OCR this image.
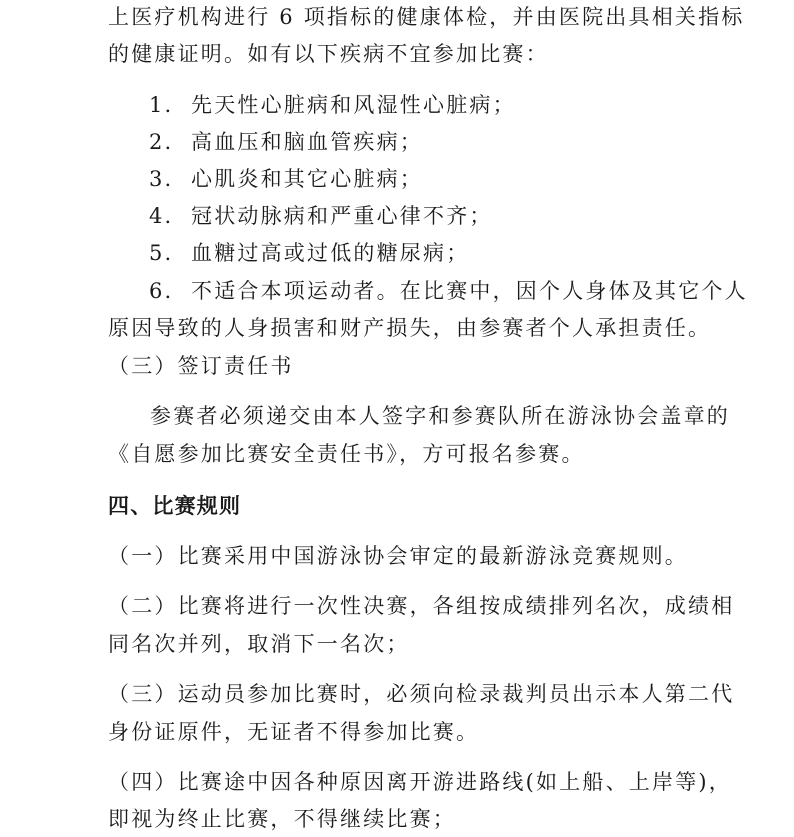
上医疗机构进行 6 项指标的健康体检，并由医院出具相关指标
的健康证明。如有以下疾病不宜参加比赛：
1. 先天性心脏病和风湿性心脏病；
2. 高血压和脑血管疾病；
3. 心肌炎和其它心脏病；
4. 冠状动脉病和严重心律不齐；
5. 血糖过高或过低的糖尿病；
6. 不适合本项运动者。在比赛中，因个人身体及其它个人
原因导致的人身损害和财产损失，由参赛者个人承担责任。
（三）签订责任书
参赛者必须递交由本人签字和参赛队所在游泳协会盖章的
《自愿参加比赛安全责任书》，方可报名参赛。
四、比赛规则
（一）比赛采用中国游泳协会审定的最新游泳竞赛规则。
（二）比赛将进行一次性决赛，各组按成绩排列名次，成绩相
同名次并列，取消下一名次；
（三）运动员参加比赛时，必须向检录裁判员出示本人第二代
身份证原件，无证者不得参加比赛。
（四）比赛途中因各种原因离开游进路线(如上船、上岸等)，
即视为终止比赛，不得继续比赛；
